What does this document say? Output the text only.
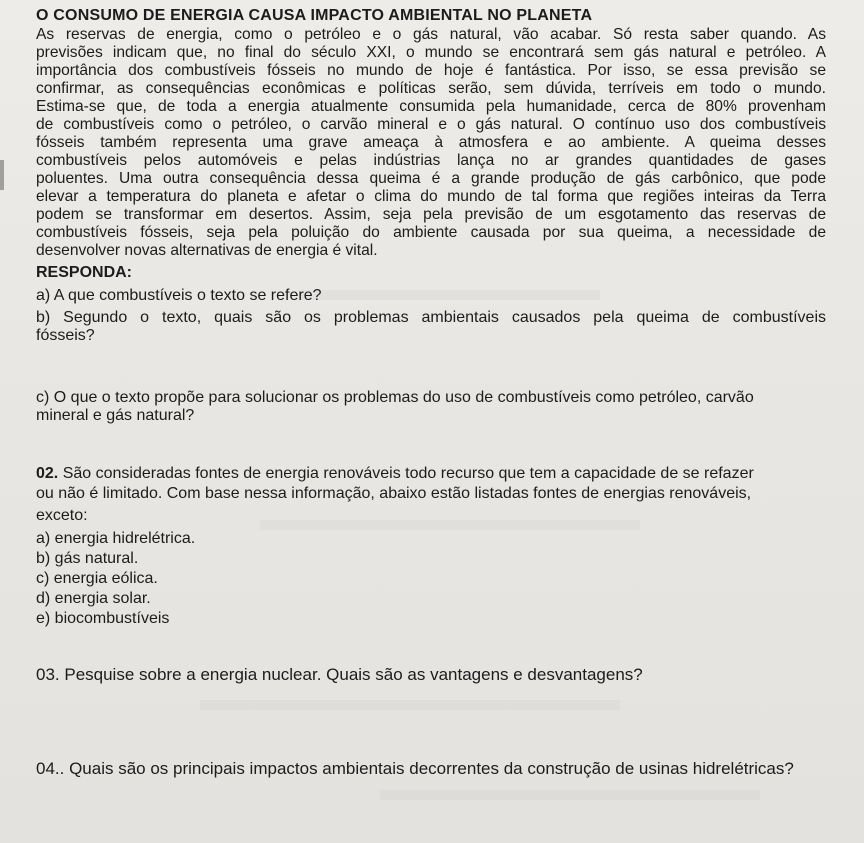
O CONSUMO DE ENERGIA CAUSA IMPACTO AMBIENTAL NO PLANETA
As reservas de energia, como o petróleo e o gás natural, vão acabar. Só resta saber quando. As
previsões indicam que, no final do século XXI, o mundo se encontrará sem gás natural e petróleo. A
importância dos combustíveis fósseis no mundo de hoje é fantástica. Por isso, se essa previsão se
confirmar, as consequências econômicas e políticas serão, sem dúvida, terríveis em todo o mundo.
Estima-se que, de toda a energia atualmente consumida pela humanidade, cerca de 80% provenham
de combustíveis como o petróleo, o carvão mineral e o gás natural. O contínuo uso dos combustíveis
fósseis também representa uma grave ameaça à atmosfera e ao ambiente. A queima desses
combustíveis pelos automóveis e pelas indústrias lança no ar grandes quantidades de gases
poluentes. Uma outra consequência dessa queima é a grande produção de gás carbônico, que pode
elevar a temperatura do planeta e afetar o clima do mundo de tal forma que regiões inteiras da Terra
podem se transformar em desertos. Assim, seja pela previsão de um esgotamento das reservas de
combustíveis fósseis, seja pela poluição do ambiente causada por sua queima, a necessidade de
desenvolver novas alternativas de energia é vital.
RESPONDA:
a) A que combustíveis o texto se refere?
b) Segundo o texto, quais são os problemas ambientais causados pela queima de combustíveis
fósseis?
c) O que o texto propõe para solucionar os problemas do uso de combustíveis como petróleo, carvão
mineral e gás natural?
02. São consideradas fontes de energia renováveis todo recurso que tem a capacidade de se refazer
ou não é limitado. Com base nessa informação, abaixo estão listadas fontes de energias renováveis,
exceto:
a) energia hidrelétrica.
b) gás natural.
c) energia eólica.
d) energia solar.
e) biocombustíveis
03. Pesquise sobre a energia nuclear. Quais são as vantagens e desvantagens?
04.. Quais são os principais impactos ambientais decorrentes da construção de usinas hidrelétricas?
